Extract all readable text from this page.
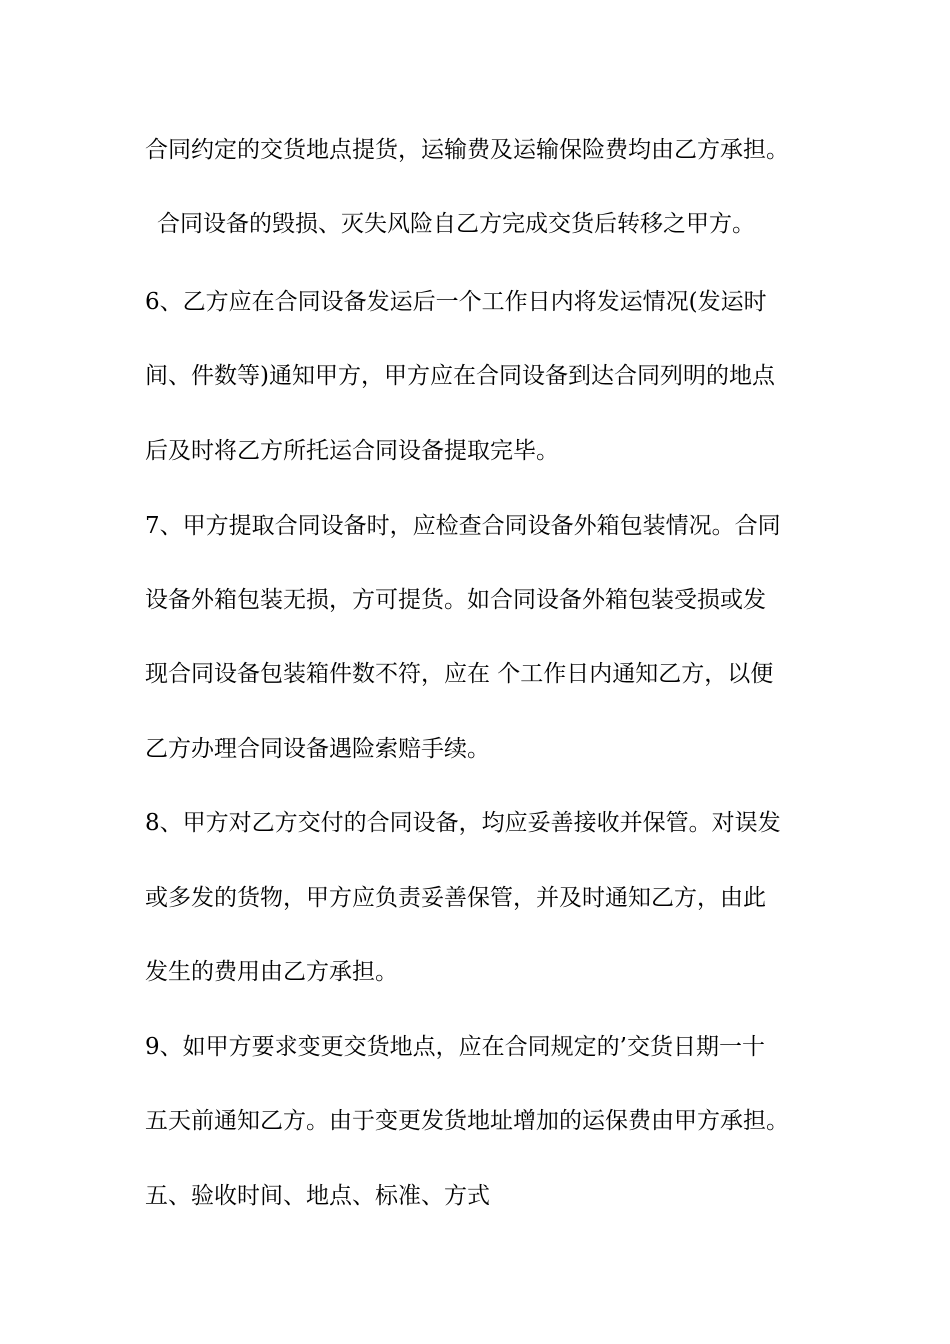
合同约定的交货地点提货，运输费及运输保险费均由乙方承担。
合同设备的毁损、灭失风险自乙方完成交货后转移之甲方。
6、乙方应在合同设备发运后一个工作日内将发运情况(发运时
间、件数等)通知甲方，甲方应在合同设备到达合同列明的地点
后及时将乙方所托运合同设备提取完毕。
7、甲方提取合同设备时，应检查合同设备外箱包装情况。合同
设备外箱包装无损，方可提货。如合同设备外箱包装受损或发
现合同设备包装箱件数不符，应在 个工作日内通知乙方，以便
乙方办理合同设备遇险索赔手续。
8、甲方对乙方交付的合同设备，均应妥善接收并保管。对误发
或多发的货物，甲方应负责妥善保管，并及时通知乙方，由此
发生的费用由乙方承担。
9、如甲方要求变更交货地点，应在合同规定的’交货日期一十
五天前通知乙方。由于变更发货地址增加的运保费由甲方承担。
五、验收时间、地点、标准、方式
